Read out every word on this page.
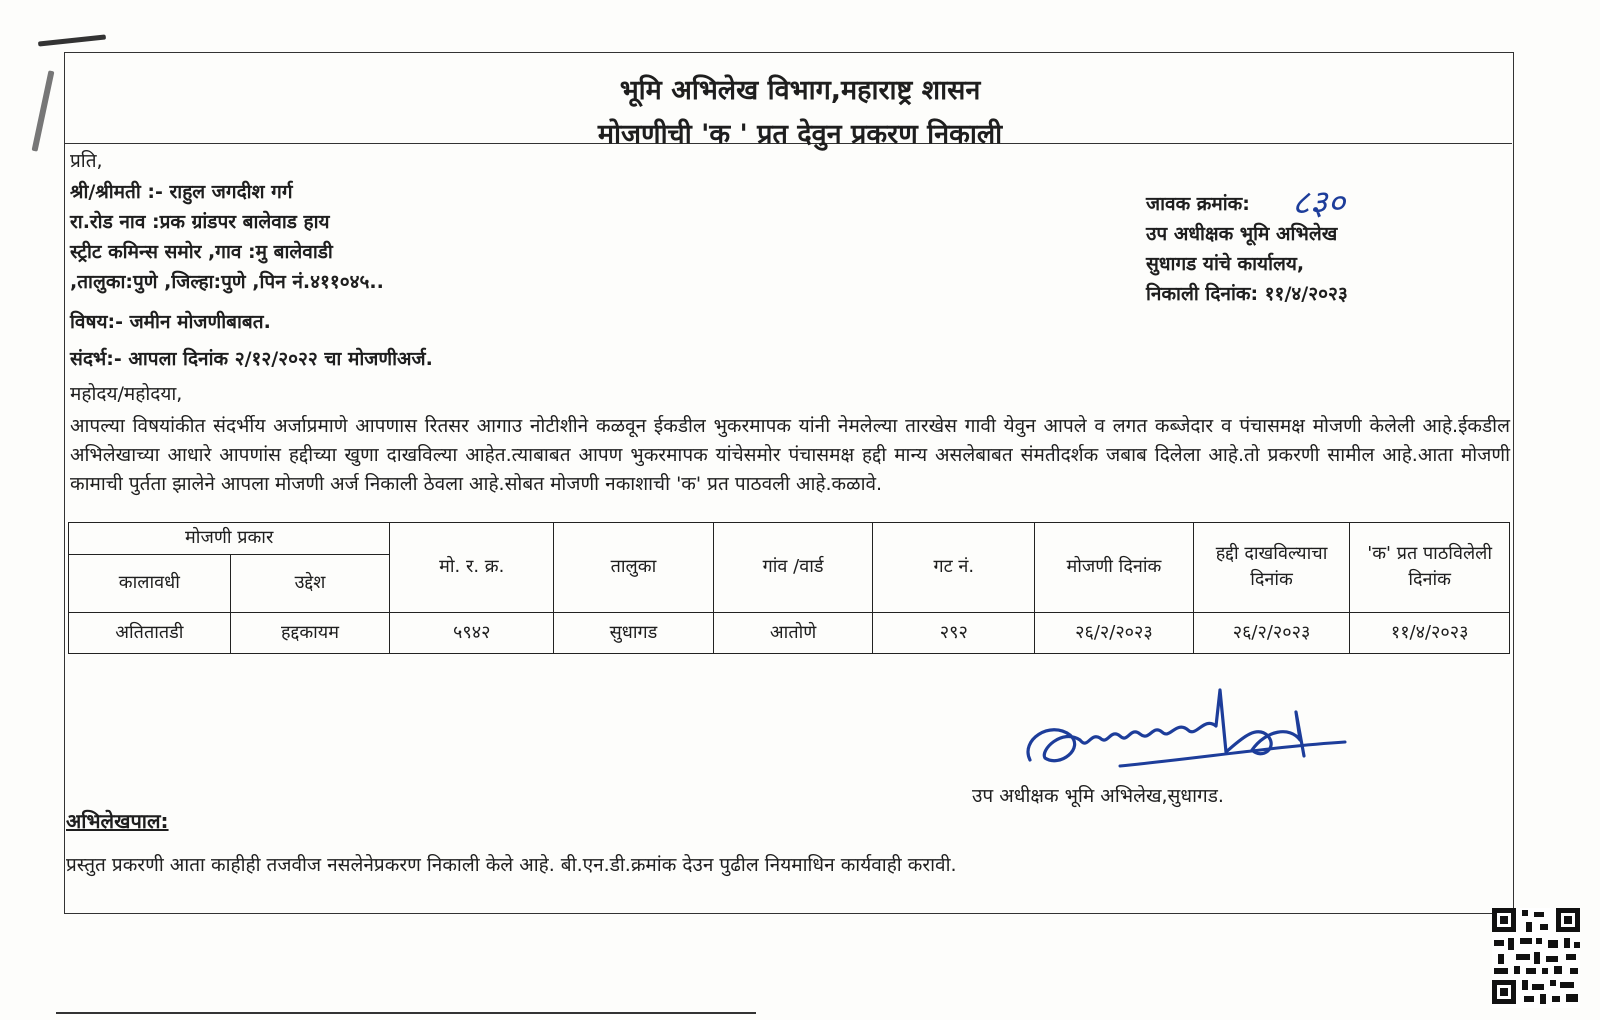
भूमि अभिलेख विभाग,महाराष्ट्र शासन
मोजणीची 'क ' प्रत देवुन प्रकरण निकाली
प्रति,
श्री/श्रीमती :- राहुल जगदीश गर्ग
रा.रोड नाव :प्रक ग्रांडपर बालेवाड हाय
स्ट्रीट कमिन्स समोर ,गाव :मु बालेवाडी
,तालुका:पुणे ,जिल्हा:पुणे ,पिन नं.४११०४५..
जावक क्रमांक: ८३०
उप अधीक्षक भूमि अभिलेख
सुधागड यांचे कार्यालय,
निकाली दिनांक: ११/४/२०२३
विषय:- जमीन मोजणीबाबत.
संदर्भ:- आपला दिनांक २/१२/२०२२ चा मोजणीअर्ज.
महोदय/महोदया,
आपल्या विषयांकीत संदर्भीय अर्जाप्रमाणे आपणास रितसर आगाउ नोटीशीने कळवून ईकडील भुकरमापक यांनी नेमलेल्या तारखेस गावी येवुन आपले व लगत कब्जेदार व पंचासमक्ष मोजणी केलेली आहे.ईकडील अभिलेखाच्या आधारे आपणांस हद्दीच्या खुणा दाखविल्या आहेत.त्याबाबत आपण भुकरमापक यांचेसमोर पंचासमक्ष हद्दी मान्य असलेबाबत संमतीदर्शक जबाब दिलेला आहे.तो प्रकरणी सामील आहे.आता मोजणी कामाची पुर्तता झालेने आपला मोजणी अर्ज निकाली ठेवला आहे.सोबत मोजणी नकाशाची 'क' प्रत पाठवली आहे.कळावे.
मोजणी प्रकार		मो. र. क्र.	तालुका	गांव /वार्ड	गट नं.	मोजणी दिनांक	हद्दी दाखविल्याचा दिनांक	'क' प्रत पाठविलेली दिनांक
कालावधी	उद्देश							
अतितातडी	हद्दकायम	५९४२	सुधागड	आतोणे	२९२	२६/२/२०२३	२६/२/२०२३	११/४/२०२३
उप अधीक्षक भूमि अभिलेख,सुधागड.
अभिलेखपाल:
प्रस्तुत प्रकरणी आता काहीही तजवीज नसलेनेप्रकरण निकाली केले आहे. बी.एन.डी.क्रमांक देउन पुढील नियमाधिन कार्यवाही करावी.
